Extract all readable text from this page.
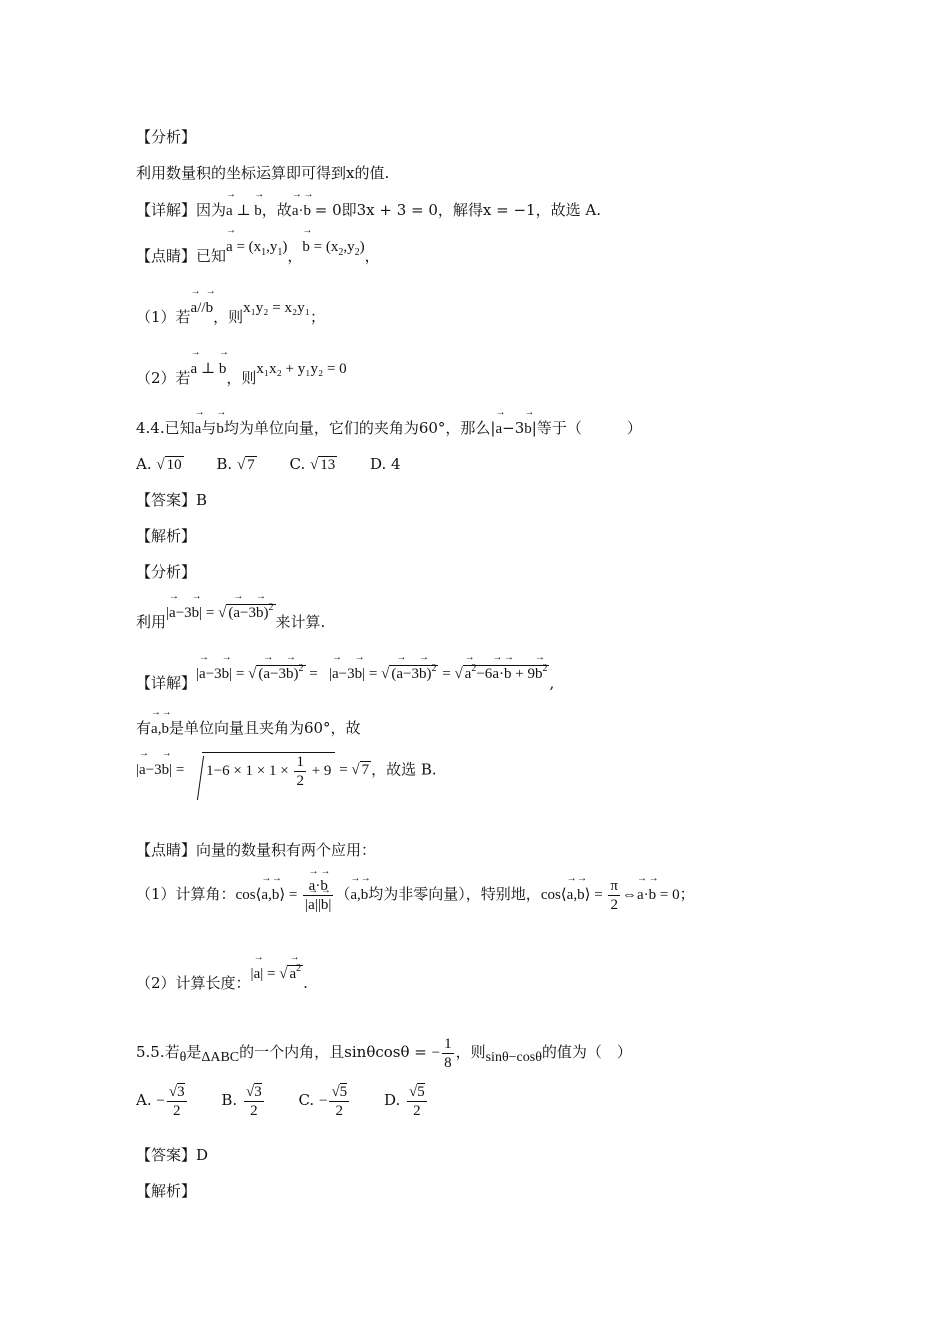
【分析】
利用数量积的坐标运算即可得到x的值.
【详解】因为→ a ⊥ → b，故→ a·→ b = 0即3x + 3 = 0，解得x = −1，故选 A.
【点睛】已知→ $a = (x_1,y_1)$，→ $b = (x_2,y_2)$，
（1）若→ a//→ b，则x₁y₂ = x₂y₁；
（2）若→ a ⊥ → b，则x₁x₂ + y₁y₂ = 0
4.4.已知→ a与→ b均为单位向量，它们的夹角为60°，那么|→ a−3→ b|等于（　　　）
A. √ 10 B. √ 7 C. √ 13 D. 4
【答案】B
【解析】
【分析】
利用|→ a−3→ b| = √ (→ a−3→ b)$^2$来计算.
【详解】|→ a−3→ b| = √ (→ a−3→ b)$^2$ =   |→ a−3→ b| = √ (→ a−3→ b)$^2$ = √ → $a^2-6\to a\cdot\to b + 9\to b^2$,
有→ a,→ b是单位向量且夹角为60°，故
|→ $a-3\to b| = 1-6 \times 1 \times 1 \times \frac{1}{2} + 9$ = √ 7 ，故选 B.
【点睛】向量的数量积有两个应用：
（1）计算角：cos⟨→ a,→ b⟩ = → $\frac{a\cdot\to b}{|\to a||\to b|}$ （→ a,→ b均为非零向量），特别地，cos⟨→ a,→ b⟩ = $\frac{\pi}{2}$ ⇔→ a·→ b = 0；
（2）计算长度：|→ a| = √ → $a^2$.
5.5.若θ是ΔABC的一个内角，且sinθcosθ = − $\frac{1}{8}$ ，则sinθ−cosθ的值为（　）
A. − $\frac{√3}{2} B$. $\frac{√3}{2} C$. − $\frac{√5}{2} D$. $\frac{√5}{2}$
【答案】D
【解析】
